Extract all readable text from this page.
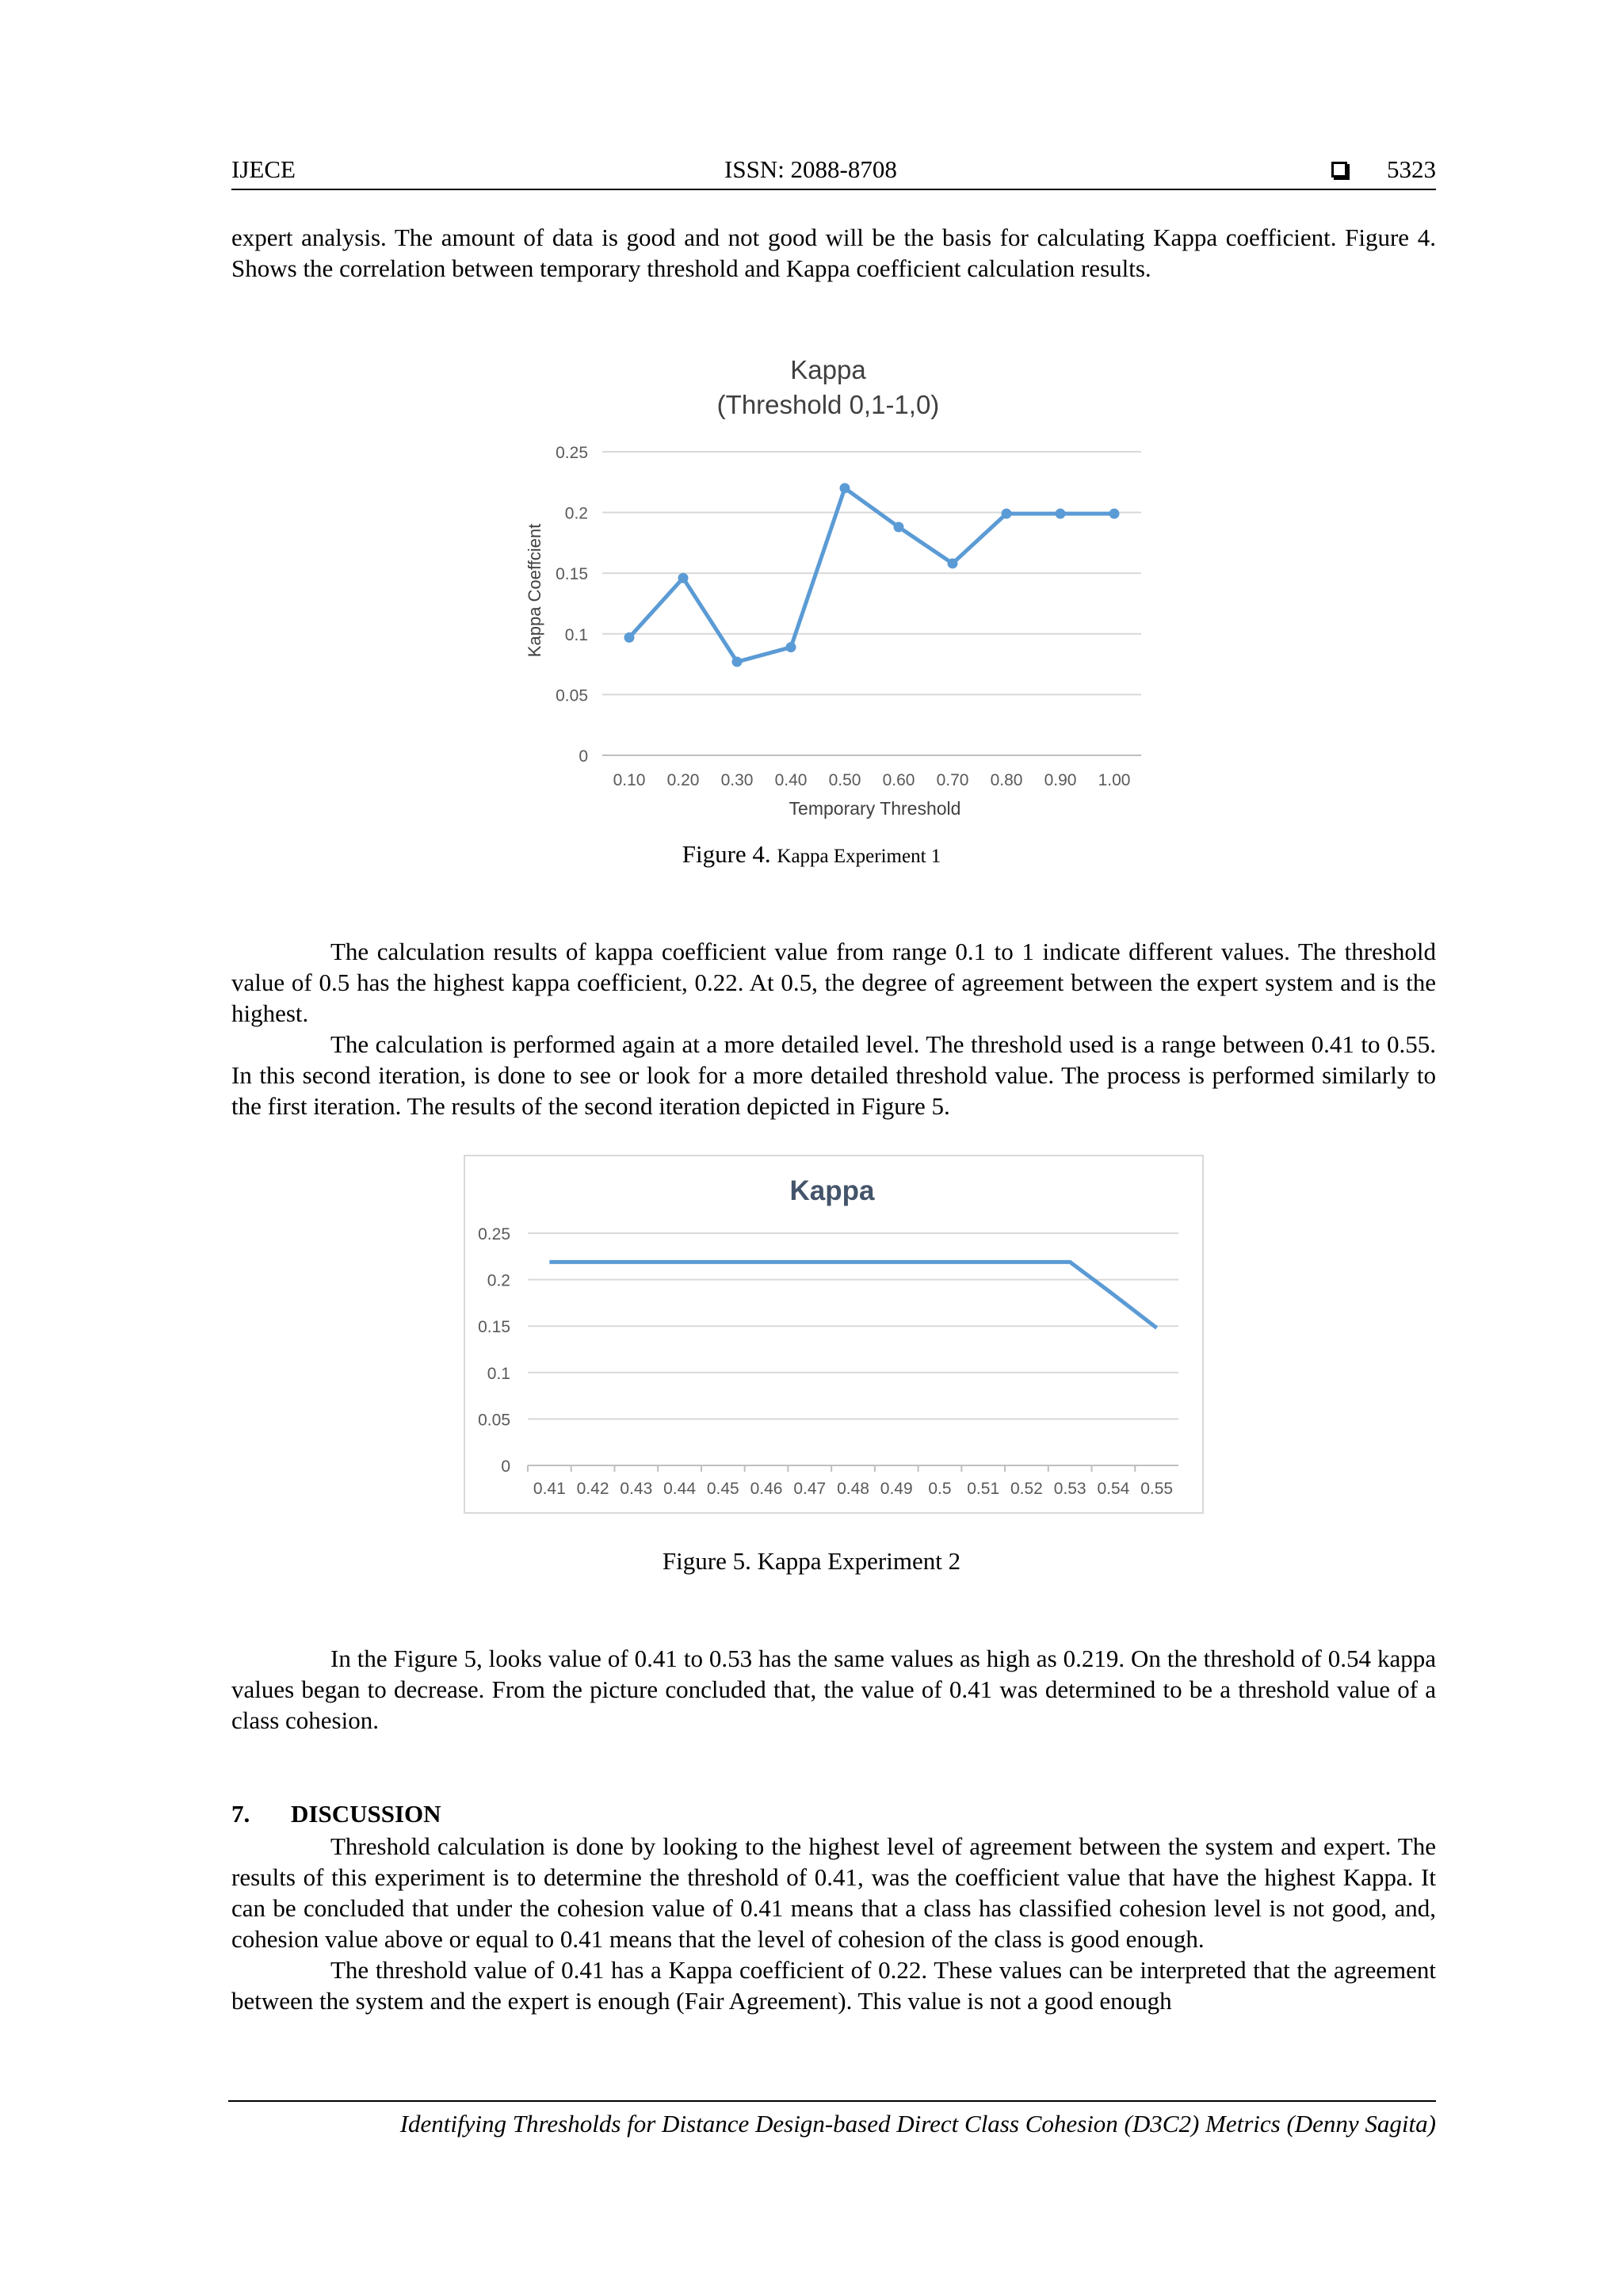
IJECE	ISSN: 2088-8708	5323

expert analysis. The amount of data is good and not good will be the basis for calculating Kappa coefficient. Figure 4. Shows the correlation between temporary threshold and Kappa coefficient calculation results.

0
0.05
0.1
0.15
0.2
0.25
0.10 0.20 0.30 0.40 0.50 0.60 0.70 0.80 0.90 1.00
Kappa
(Threshold 0,1-1,0)
Temporary Threshold
Kappa Coeffcient
Figure 4. Kappa Experiment 1

The calculation results of kappa coefficient value from range 0.1 to 1 indicate different values. The threshold value of 0.5 has the highest kappa coefficient, 0.22. At 0.5, the degree of agreement between the expert system and is the highest.

The calculation is performed again at a more detailed level. The threshold used is a range between 0.41 to 0.55. In this second iteration, is done to see or look for a more detailed threshold value. The process is performed similarly to the first iteration. The results of the second iteration depicted in Figure 5.

0
0.05
0.1
0.15
0.2
0.25
0.41 0.42 0.43 0.44 0.45 0.46 0.47 0.48 0.49 0.5 0.51 0.52 0.53 0.54 0.55
Kappa
Figure 5. Kappa Experiment 2

In the Figure 5, looks value of 0.41 to 0.53 has the same values as high as 0.219. On the threshold of 0.54 kappa values began to decrease. From the picture concluded that, the value of 0.41 was determined to be a threshold value of a class cohesion.

7. DISCUSSION

Threshold calculation is done by looking to the highest level of agreement between the system and expert. The results of this experiment is to determine the threshold of 0.41, was the coefficient value that have the highest Kappa. It can be concluded that under the cohesion value of 0.41 means that a class has classified cohesion level is not good, and, cohesion value above or equal to 0.41 means that the level of cohesion of the class is good enough.

The threshold value of 0.41 has a Kappa coefficient of 0.22. These values can be interpreted that the agreement between the system and the expert is enough (Fair Agreement). This value is not a good enough

Identifying Thresholds for Distance Design-based Direct Class Cohesion (D3C2) Metrics (Denny Sagita)
